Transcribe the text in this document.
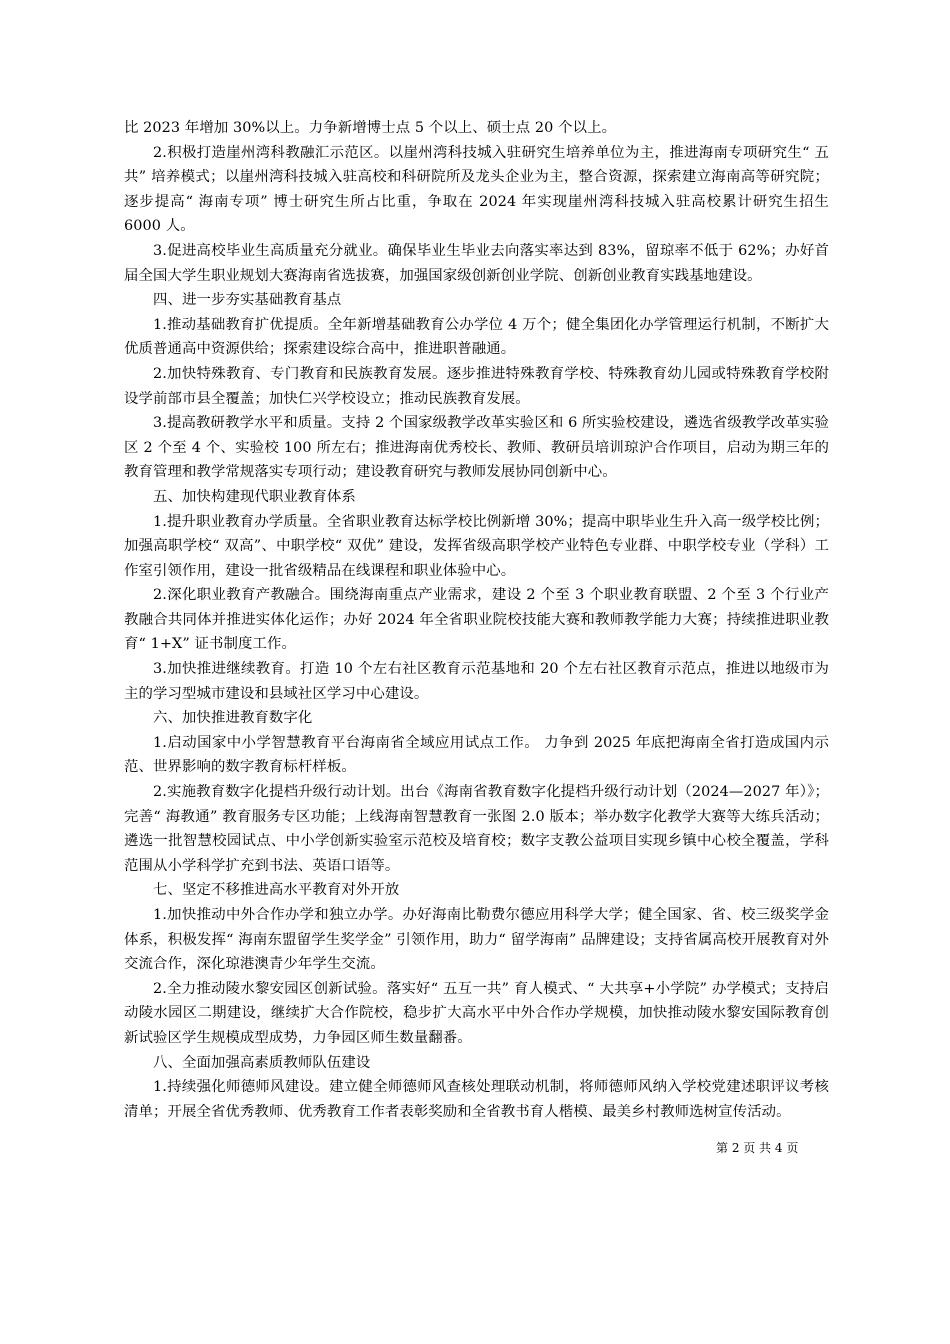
比 2023 年增加 30%以上。力争新增博士点 5 个以上、硕士点 20 个以上。

2.积极打造崖州湾科教融汇示范区。以崖州湾科技城入驻研究生培养单位为主，推进海南专项研究生“ 五共” 培养模式；以崖州湾科技城入驻高校和科研院所及龙头企业为主，整合资源，探索建立海南高等研究院；逐步提高“ 海南专项” 博士研究生所占比重，争取在 2024 年实现崖州湾科技城入驻高校累计研究生招生 6000 人。

3.促进高校毕业生高质量充分就业。确保毕业生毕业去向落实率达到 83%，留琼率不低于 62%；办好首届全国大学生职业规划大赛海南省选拔赛，加强国家级创新创业学院、创新创业教育实践基地建设。

四、进一步夯实基础教育基点

1.推动基础教育扩优提质。全年新增基础教育公办学位 4 万个；健全集团化办学管理运行机制，不断扩大优质普通高中资源供给；探索建设综合高中，推进职普融通。

2.加快特殊教育、专门教育和民族教育发展。逐步推进特殊教育学校、特殊教育幼儿园或特殊教育学校附设学前部市县全覆盖；加快仁兴学校设立；推动民族教育发展。

3.提高教研教学水平和质量。支持 2 个国家级教学改革实验区和 6 所实验校建设，遴选省级教学改革实验区 2 个至 4 个、实验校 100 所左右；推进海南优秀校长、教师、教研员培训琼沪合作项目，启动为期三年的教育管理和教学常规落实专项行动；建设教育研究与教师发展协同创新中心。

五、加快构建现代职业教育体系

1.提升职业教育办学质量。全省职业教育达标学校比例新增 30%；提高中职毕业生升入高一级学校比例；加强高职学校“ 双高”、中职学校“ 双优” 建设，发挥省级高职学校产业特色专业群、中职学校专业（学科）工作室引领作用，建设一批省级精品在线课程和职业体验中心。

2.深化职业教育产教融合。围绕海南重点产业需求，建设 2 个至 3 个职业教育联盟、2 个至 3 个行业产教融合共同体并推进实体化运作；办好 2024 年全省职业院校技能大赛和教师教学能力大赛；持续推进职业教育“ 1+X” 证书制度工作。

3.加快推进继续教育。打造 10 个左右社区教育示范基地和 20 个左右社区教育示范点，推进以地级市为主的学习型城市建设和县域社区学习中心建设。

六、加快推进教育数字化

1.启动国家中小学智慧教育平台海南省全域应用试点工作。 力争到 2025 年底把海南全省打造成国内示范、世界影响的数字教育标杆样板。

2.实施教育数字化提档升级行动计划。出台《海南省教育数字化提档升级行动计划（2024—2027 年）》；完善“ 海教通” 教育服务专区功能；上线海南智慧教育一张图 2.0 版本；举办数字化教学大赛等大练兵活动；遴选一批智慧校园试点、中小学创新实验室示范校及培育校；数字支教公益项目实现乡镇中心校全覆盖，学科范围从小学科学扩充到书法、英语口语等。

七、坚定不移推进高水平教育对外开放

1.加快推动中外合作办学和独立办学。办好海南比勒费尔德应用科学大学；健全国家、省、校三级奖学金体系，积极发挥“ 海南东盟留学生奖学金” 引领作用，助力“ 留学海南” 品牌建设；支持省属高校开展教育对外交流合作，深化琼港澳青少年学生交流。

2.全力推动陵水黎安园区创新试验。落实好“ 五互一共” 育人模式、“ 大共享+小学院” 办学模式；支持启动陵水园区二期建设，继续扩大合作院校，稳步扩大高水平中外合作办学规模，加快推动陵水黎安国际教育创新试验区学生规模成型成势，力争园区师生数量翻番。

八、全面加强高素质教师队伍建设

1.持续强化师德师风建设。建立健全师德师风查核处理联动机制，将师德师风纳入学校党建述职评议考核清单；开展全省优秀教师、优秀教育工作者表彰奖励和全省教书育人楷模、最美乡村教师选树宣传活动。

第 2 页 共 4 页
